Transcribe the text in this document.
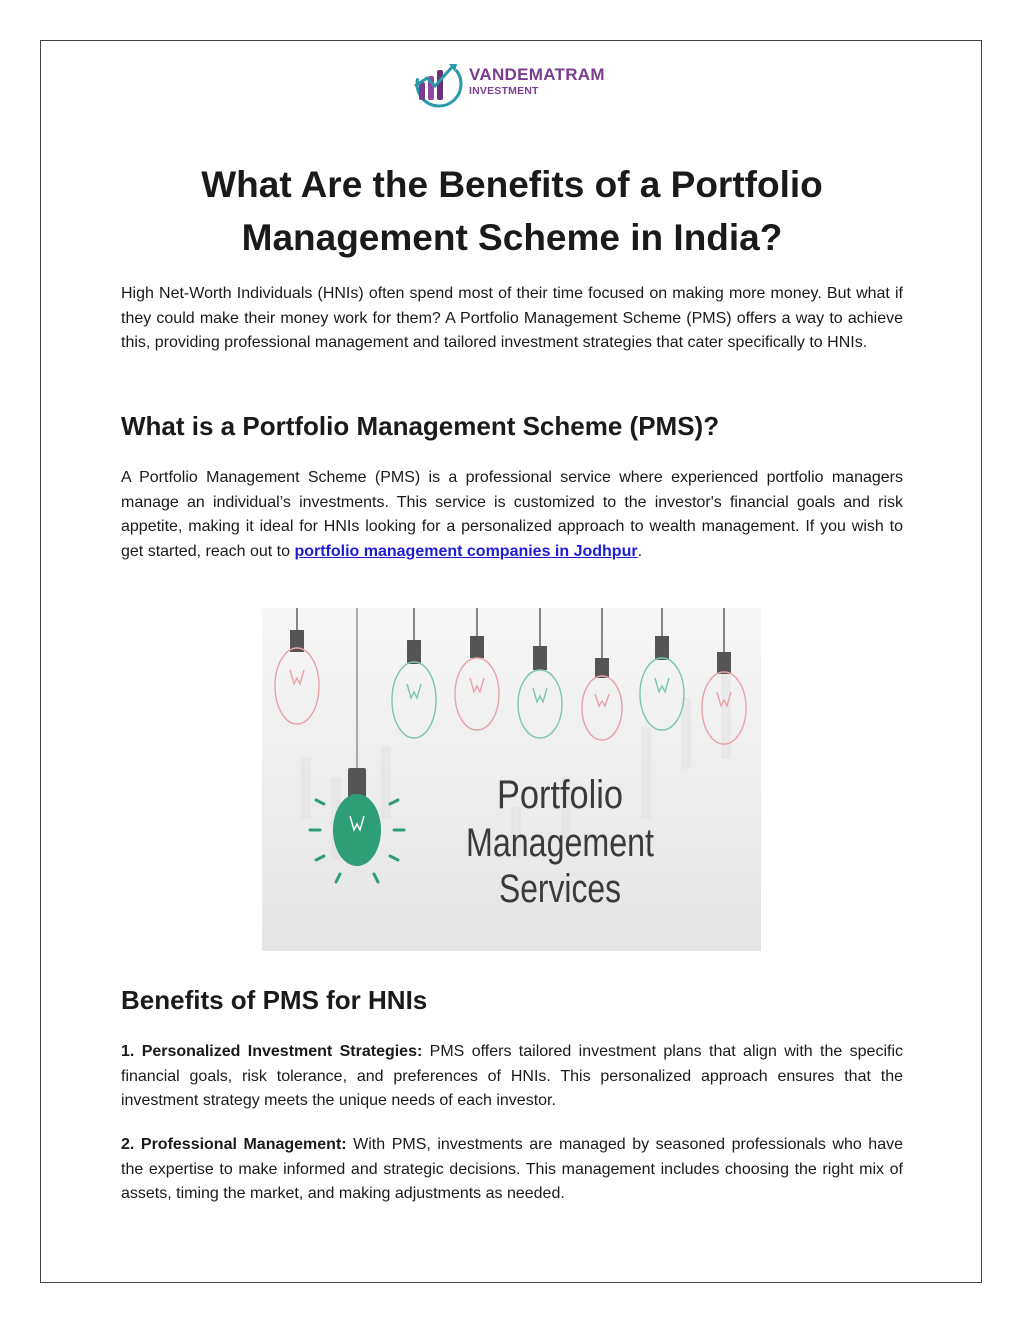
VANDEMATRAM
INVESTMENT
What Are the Benefits of a Portfolio
Management Scheme in India?

High Net-Worth Individuals (HNIs) often spend most of their time focused on making more money. But what if they could make their money work for them? A Portfolio Management Scheme (PMS) offers a way to achieve this, providing professional management and tailored investment strategies that cater specifically to HNIs.

What is a Portfolio Management Scheme (PMS)?

A Portfolio Management Scheme (PMS) is a professional service where experienced portfolio managers manage an individual’s investments. This service is customized to the investor's financial goals and risk appetite, making it ideal for HNIs looking for a personalized approach to wealth management. If you wish to get started, reach out to portfolio management companies in Jodhpur.

Portfolio
Management
Services
Benefits of PMS for HNIs

1. Personalized Investment Strategies: PMS offers tailored investment plans that align with the specific financial goals, risk tolerance, and preferences of HNIs. This personalized approach ensures that the investment strategy meets the unique needs of each investor.

2. Professional Management: With PMS, investments are managed by seasoned professionals who have the expertise to make informed and strategic decisions. This management includes choosing the right mix of assets, timing the market, and making adjustments as needed.
